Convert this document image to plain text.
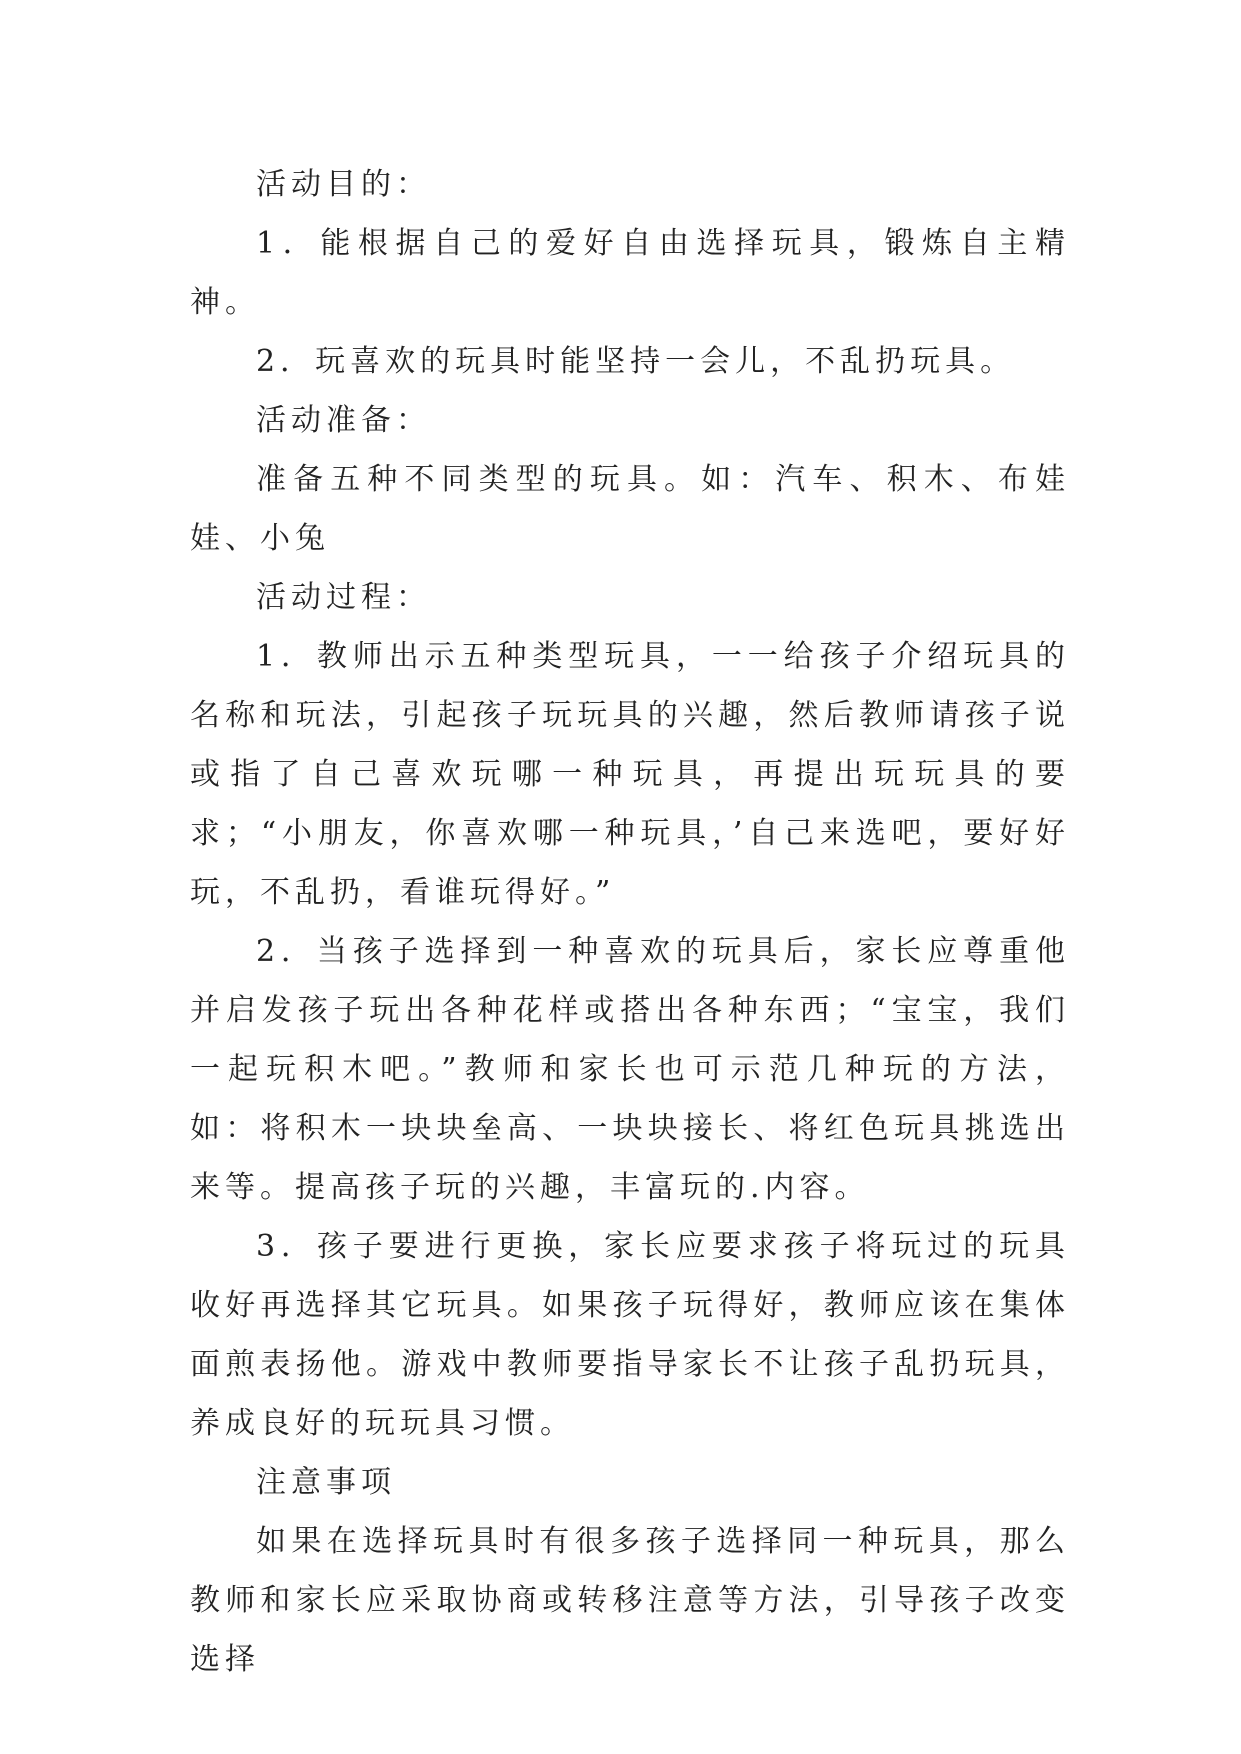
活动目的：

1．能根据自己的爱好自由选择玩具，锻炼自主精神。

2．玩喜欢的玩具时能坚持一会儿，不乱扔玩具。

活动准备：

准备五种不同类型的玩具。如：汽车、积木、布娃娃、小兔

活动过程：

1．教师出示五种类型玩具，一一给孩子介绍玩具的名称和玩法，引起孩子玩玩具的兴趣，然后教师请孩子说或指了自己喜欢玩哪一种玩具，再提出玩玩具的要求；“小朋友，你喜欢哪一种玩具，’自己来选吧，要好好玩，不乱扔，看谁玩得好。”

2．当孩子选择到一种喜欢的玩具后，家长应尊重他并启发孩子玩出各种花样或搭出各种东西；“宝宝，我们一起玩积木吧。”教师和家长也可示范几种玩的方法，如：将积木一块块垒高、一块块接长、将红色玩具挑选出来等。提高孩子玩的兴趣，丰富玩的.内容。

3．孩子要进行更换，家长应要求孩子将玩过的玩具收好再选择其它玩具。如果孩子玩得好，教师应该在集体面煎表扬他。游戏中教师要指导家长不让孩子乱扔玩具，养成良好的玩玩具习惯。

注意事项

如果在选择玩具时有很多孩子选择同一种玩具，那么教师和家长应采取协商或转移注意等方法，引导孩子改变选择
